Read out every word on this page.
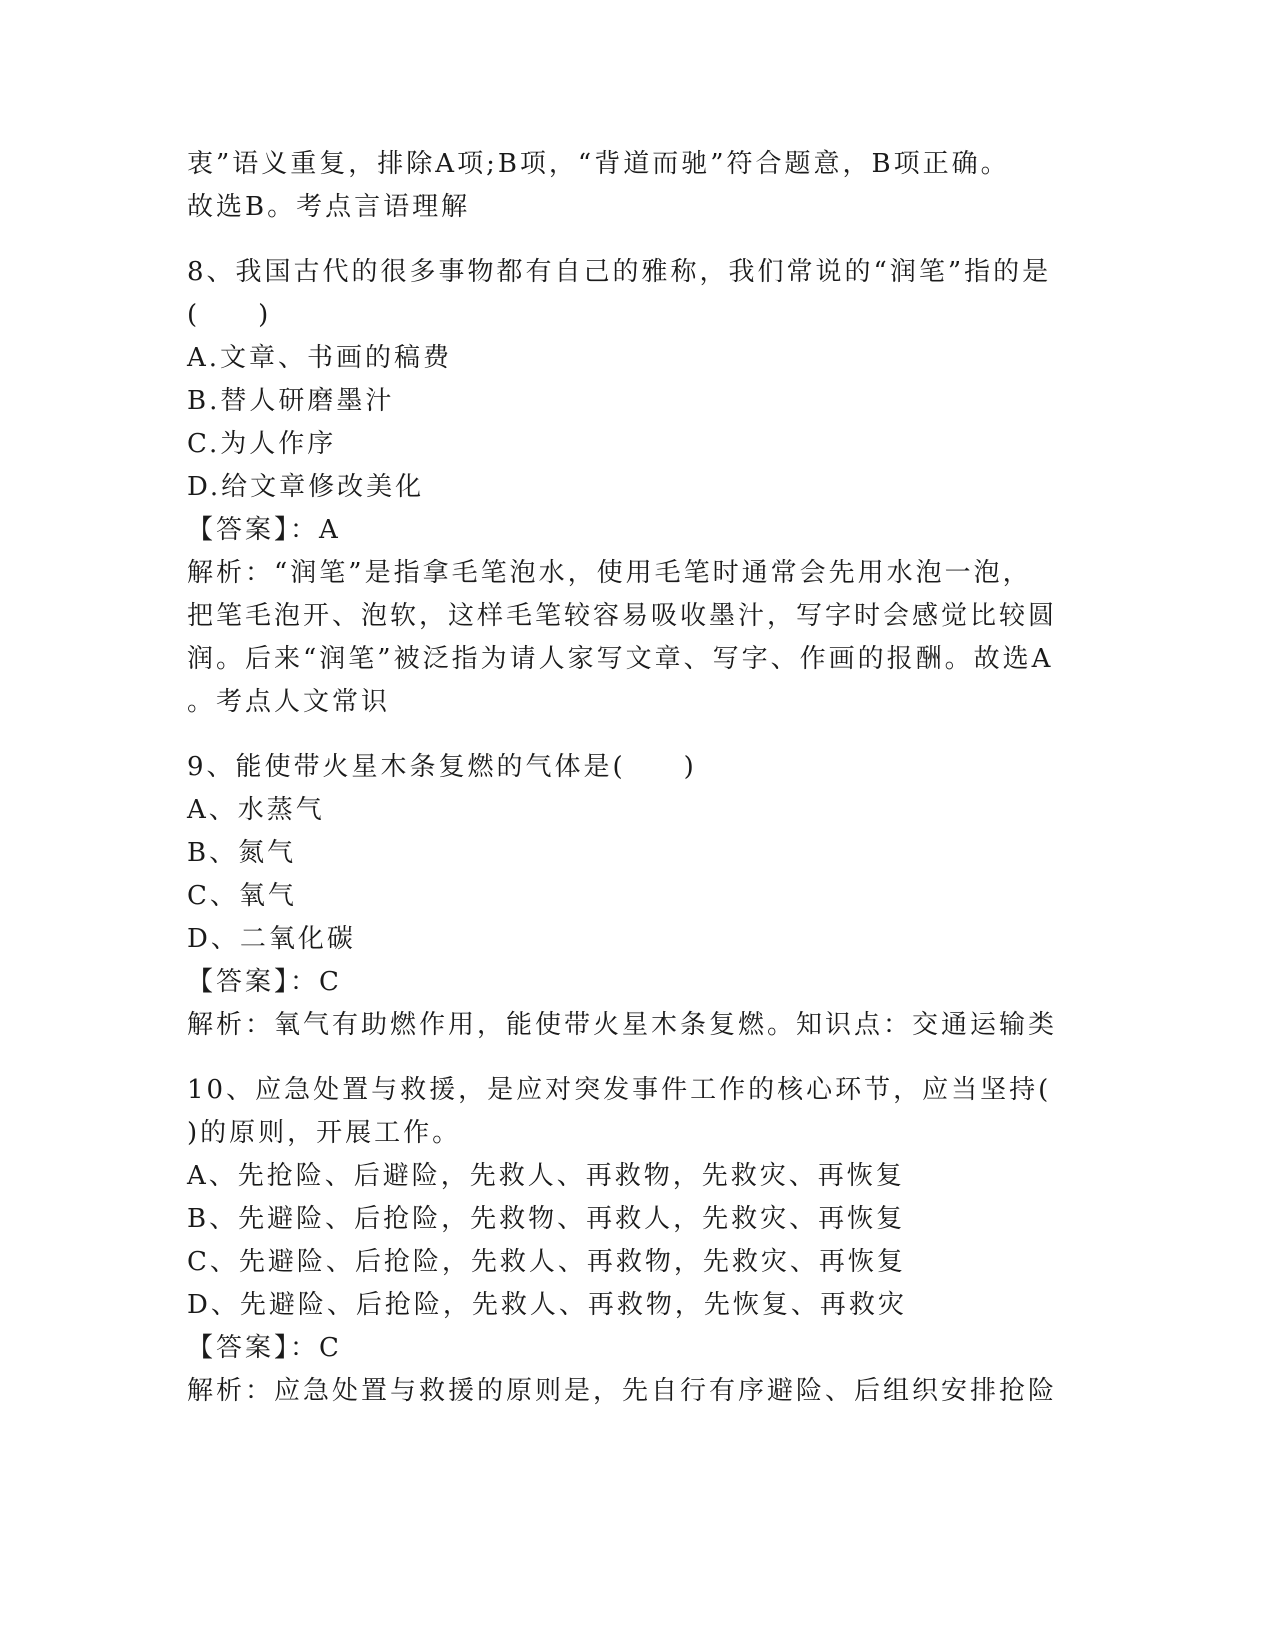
衷”语义重复，排除A项;B项，“背道而驰”符合题意，B项正确。
故选B。考点言语理解
8、我国古代的很多事物都有自己的雅称，我们常说的“润笔”指的是
(　　)
A.文章、书画的稿费
B.替人研磨墨汁
C.为人作序
D.给文章修改美化
【答案】：A
解析：“润笔”是指拿毛笔泡水，使用毛笔时通常会先用水泡一泡，
把笔毛泡开、泡软，这样毛笔较容易吸收墨汁，写字时会感觉比较圆
润。后来“润笔”被泛指为请人家写文章、写字、作画的报酬。故选A
。考点人文常识
9、能使带火星木条复燃的气体是(　　)
A、水蒸气
B、氮气
C、氧气
D、二氧化碳
【答案】：C
解析：氧气有助燃作用，能使带火星木条复燃。知识点：交通运输类
10、应急处置与救援，是应对突发事件工作的核心环节，应当坚持(
)的原则，开展工作。
A、先抢险、后避险，先救人、再救物，先救灾、再恢复
B、先避险、后抢险，先救物、再救人，先救灾、再恢复
C、先避险、后抢险，先救人、再救物，先救灾、再恢复
D、先避险、后抢险，先救人、再救物，先恢复、再救灾
【答案】：C
解析：应急处置与救援的原则是，先自行有序避险、后组织安排抢险
